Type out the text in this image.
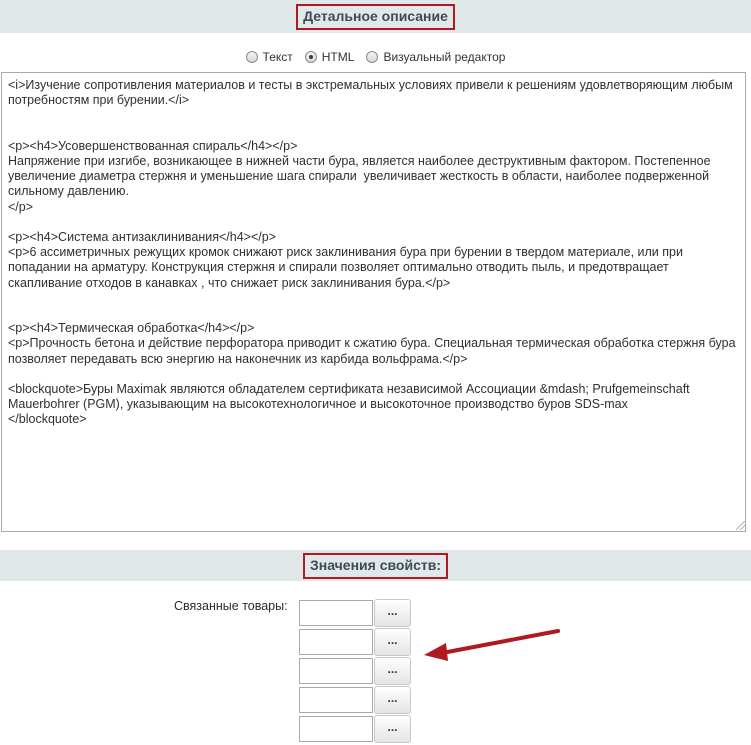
Детальное описание
Текст HTML Визуальный редактор
<i>Изучение сопротивления материалов и тесты в экстремальных условиях привели к решениям удовлетворяющим любым потребностям при бурении.</i>

<p><h4>Усовершенствованная спираль</h4></p>
Напряжение при изгибе, возникающее в нижней части бура, является наиболее деструктивным фактором. Постепенное увеличение диаметра стержня и уменьшение шага спирали  увеличивает жесткость в области, наиболее подверженной сильному давлению.
</p>

<p><h4>Система антизаклинивания</h4></p>
<p>6 ассиметричных режущих кромок снижают риск заклинивания бура при бурении в твердом материале, или при попадании на арматуру. Конструкция стержня и спирали позволяет оптимально отводить пыль, и предотвращает скапливание отходов в канавках , что снижает риск заклинивания бура.</p>

<p><h4>Термическая обработка</h4></p>
<p>Прочность бетона и действие перфоратора приводит к сжатию бура. Специальная термическая обработка стержня бура позволяет передавать всю энергию на наконечник из карбида вольфрама.</p>

<blockquote>Буры Maximak являются обладателем сертификата независимой Ассоциации &mdash; Prufgemeinschaft Mauerbohrer (PGM), указывающим на высокотехнологичное и высокоточное производство буров SDS-max
</blockquote>
Значения свойств:
Связанные товары:	...
...
...
...
...
